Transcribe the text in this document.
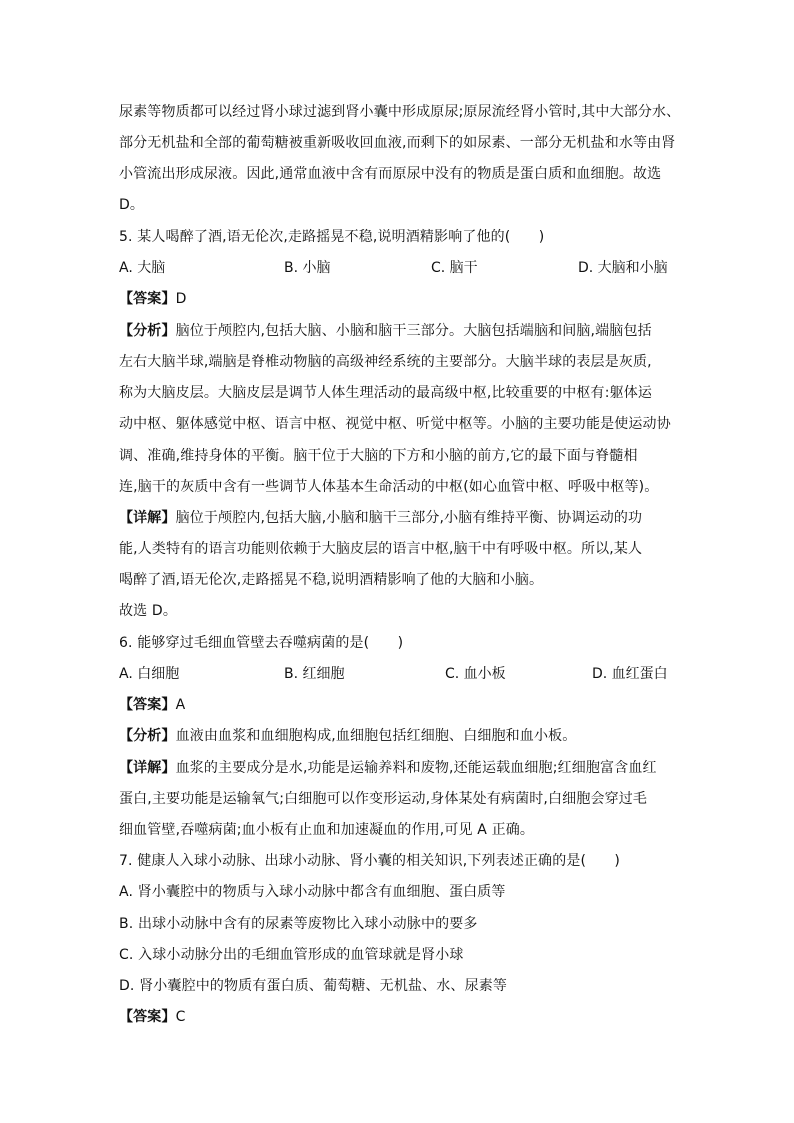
尿素等物质都可以经过肾小球过滤到肾小囊中形成原尿;原尿流经肾小管时,其中大部分水、
部分无机盐和全部的葡萄糖被重新吸收回血液,而剩下的如尿素、一部分无机盐和水等由肾
小管流出形成尿液。因此,通常血液中含有而原尿中没有的物质是蛋白质和血细胞。故选
D。
5. 某人喝醉了酒,语无伦次,走路摇晃不稳,说明酒精影响了他的(　　)
A. 大脑	B. 小脑	C. 脑干	D. 大脑和小脑
【答案】D
【分析】脑位于颅腔内,包括大脑、小脑和脑干三部分。大脑包括端脑和间脑,端脑包括
左右大脑半球,端脑是脊椎动物脑的高级神经系统的主要部分。大脑半球的表层是灰质,
称为大脑皮层。大脑皮层是调节人体生理活动的最高级中枢,比较重要的中枢有:躯体运
动中枢、躯体感觉中枢、语言中枢、视觉中枢、听觉中枢等。小脑的主要功能是使运动协
调、准确,维持身体的平衡。脑干位于大脑的下方和小脑的前方,它的最下面与脊髓相
连,脑干的灰质中含有一些调节人体基本生命活动的中枢(如心血管中枢、呼吸中枢等)。
【详解】脑位于颅腔内,包括大脑,小脑和脑干三部分,小脑有维持平衡、协调运动的功
能,人类特有的语言功能则依赖于大脑皮层的语言中枢,脑干中有呼吸中枢。所以,某人
喝醉了酒,语无伦次,走路摇晃不稳,说明酒精影响了他的大脑和小脑。
故选 D。
6. 能够穿过毛细血管壁去吞噬病菌的是(　　)
A. 白细胞	B. 红细胞	C. 血小板	D. 血红蛋白
【答案】A
【分析】血液由血浆和血细胞构成,血细胞包括红细胞、白细胞和血小板。
【详解】血浆的主要成分是水,功能是运输养料和废物,还能运载血细胞;红细胞富含血红
蛋白,主要功能是运输氧气;白细胞可以作变形运动,身体某处有病菌时,白细胞会穿过毛
细血管壁,吞噬病菌;血小板有止血和加速凝血的作用,可见 A 正确。
7. 健康人入球小动脉、出球小动脉、肾小囊的相关知识,下列表述正确的是(　　)
A. 肾小囊腔中的物质与入球小动脉中都含有血细胞、蛋白质等
B. 出球小动脉中含有的尿素等废物比入球小动脉中的要多
C. 入球小动脉分出的毛细血管形成的血管球就是肾小球
D. 肾小囊腔中的物质有蛋白质、葡萄糖、无机盐、水、尿素等
【答案】C
